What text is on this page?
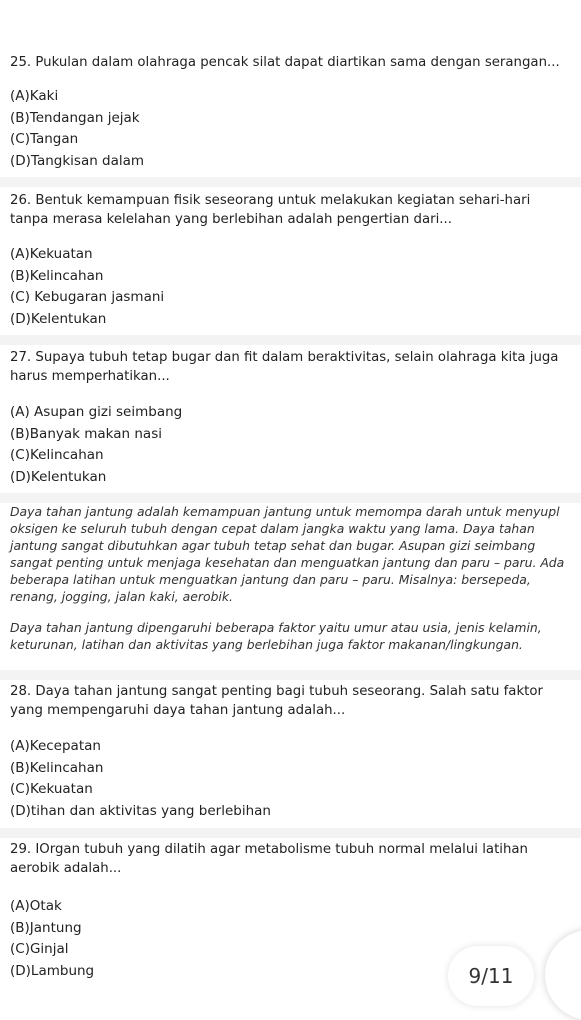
25. Pukulan dalam olahraga pencak silat dapat diartikan sama dengan serangan...
(A)Kaki
(B)Tendangan jejak
(C)Tangan
(D)Tangkisan dalam
26. Bentuk kemampuan fisik seseorang untuk melakukan kegiatan sehari-hari
tanpa merasa kelelahan yang berlebihan adalah pengertian dari...
(A)Kekuatan
(B)Kelincahan
(C) Kebugaran jasmani
(D)Kelentukan
27. Supaya tubuh tetap bugar dan fit dalam beraktivitas, selain olahraga kita juga
harus memperhatikan...
(A) Asupan gizi seimbang
(B)Banyak makan nasi
(C)Kelincahan
(D)Kelentukan
Daya tahan jantung adalah kemampuan jantung untuk memompa darah untuk menyupl
oksigen ke seluruh tubuh dengan cepat dalam jangka waktu yang lama. Daya tahan
jantung sangat dibutuhkan agar tubuh tetap sehat dan bugar. Asupan gizi seimbang
sangat penting untuk menjaga kesehatan dan menguatkan jantung dan paru – paru. Ada
beberapa latihan untuk menguatkan jantung dan paru – paru. Misalnya: bersepeda,
renang, jogging, jalan kaki, aerobik.
Daya tahan jantung dipengaruhi beberapa faktor yaitu umur atau usia, jenis kelamin,
keturunan, latihan dan aktivitas yang berlebihan juga faktor makanan/lingkungan.
28. Daya tahan jantung sangat penting bagi tubuh seseorang. Salah satu faktor
yang mempengaruhi daya tahan jantung adalah...
(A)Kecepatan
(B)Kelincahan
(C)Kekuatan
(D)tihan dan aktivitas yang berlebihan
29. IOrgan tubuh yang dilatih agar metabolisme tubuh normal melalui latihan
aerobik adalah...
(A)Otak
(B)Jantung
(C)Ginjal
(D)Lambung	9/11
